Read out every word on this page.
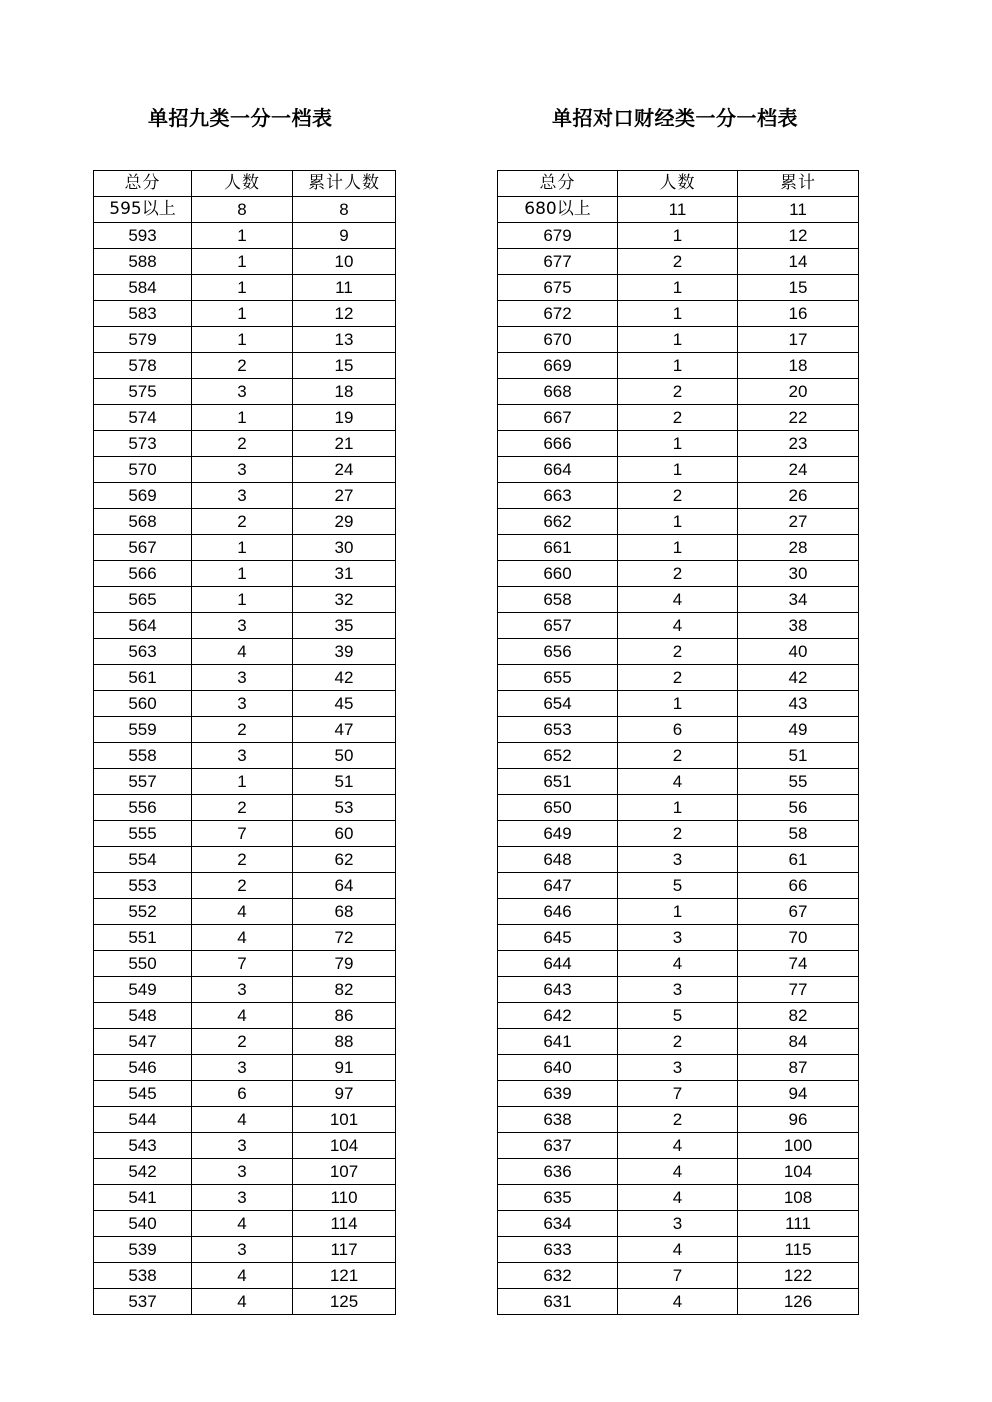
单招九类一分一档表
总分	人数	累计人数
595以上	8	8
593	1	9
588	1	10
584	1	11
583	1	12
579	1	13
578	2	15
575	3	18
574	1	19
573	2	21
570	3	24
569	3	27
568	2	29
567	1	30
566	1	31
565	1	32
564	3	35
563	4	39
561	3	42
560	3	45
559	2	47
558	3	50
557	1	51
556	2	53
555	7	60
554	2	62
553	2	64
552	4	68
551	4	72
550	7	79
549	3	82
548	4	86
547	2	88
546	3	91
545	6	97
544	4	101
543	3	104
542	3	107
541	3	110
540	4	114
539	3	117
538	4	121
537	4	125
单招对口财经类一分一档表
总分	人数	累计
680以上	11	11
679	1	12
677	2	14
675	1	15
672	1	16
670	1	17
669	1	18
668	2	20
667	2	22
666	1	23
664	1	24
663	2	26
662	1	27
661	1	28
660	2	30
658	4	34
657	4	38
656	2	40
655	2	42
654	1	43
653	6	49
652	2	51
651	4	55
650	1	56
649	2	58
648	3	61
647	5	66
646	1	67
645	3	70
644	4	74
643	3	77
642	5	82
641	2	84
640	3	87
639	7	94
638	2	96
637	4	100
636	4	104
635	4	108
634	3	111
633	4	115
632	7	122
631	4	126
